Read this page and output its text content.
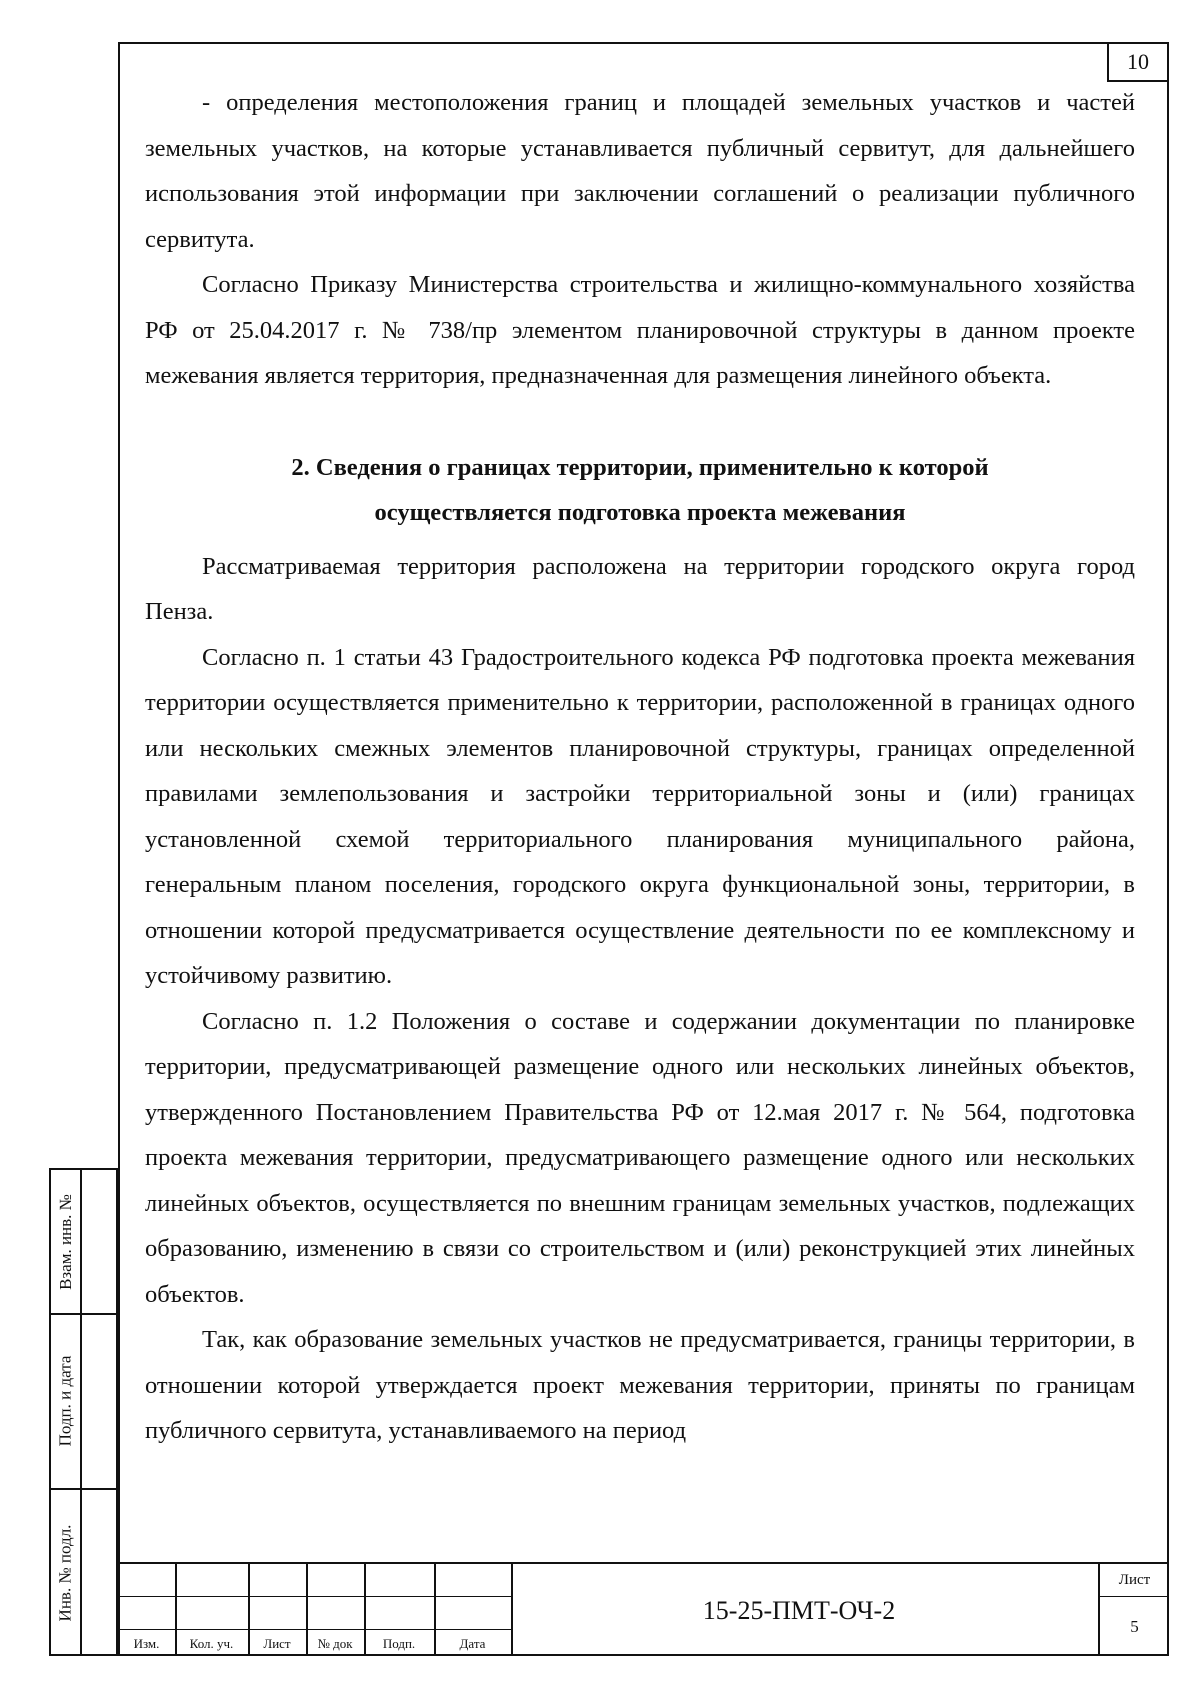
10

- определения местоположения границ и площадей земельных участков и частей земельных участков, на которые устанавливается публичный сервитут, для дальнейшего использования этой информации при заключении соглашений о реализации публичного сервитута.

Согласно Приказу Министерства строительства и жилищно-коммунального хозяйства РФ от 25.04.2017 г. № 738/пр элементом планировочной структуры в данном проекте межевания является территория, предназначенная для размещения линейного объекта.

2. Сведения о границах территории, применительно к которой
осуществляется подготовка проекта межевания

Рассматриваемая территория расположена на территории городского округа город Пенза.

Согласно п. 1 статьи 43 Градостроительного кодекса РФ подготовка проекта межевания территории осуществляется применительно к территории, расположенной в границах одного или нескольких смежных элементов планировочной структуры, границах определенной правилами землепользования и застройки территориальной зоны и (или) границах установленной схемой территориального планирования муниципального района, генеральным планом поселения, городского округа функциональной зоны, территории, в отношении которой предусматривается осуществление деятельности по ее комплексному и устойчивому развитию.

Согласно п. 1.2 Положения о составе и содержании документации по планировке территории, предусматривающей размещение одного или нескольких линейных объектов, утвержденного Постановлением Правительства РФ от 12.мая 2017 г. № 564, подготовка проекта межевания территории, предусматривающего размещение одного или нескольких линейных объектов, осуществляется по внешним границам земельных участков, подлежащих образованию, изменению в связи со строительством и (или) реконструкцией этих линейных объектов.

Так, как образование земельных участков не предусматривается, границы территории, в отношении которой утверждается проект межевания территории, приняты по границам публичного сервитута, устанавливаемого на период

Взам. инв. №
Подп. и дата
Инв. № подл.
Изм.	Кол. уч.	Лист	№ док	Подп.	Дата
15-25-ПМТ-ОЧ-2
Лист
5
